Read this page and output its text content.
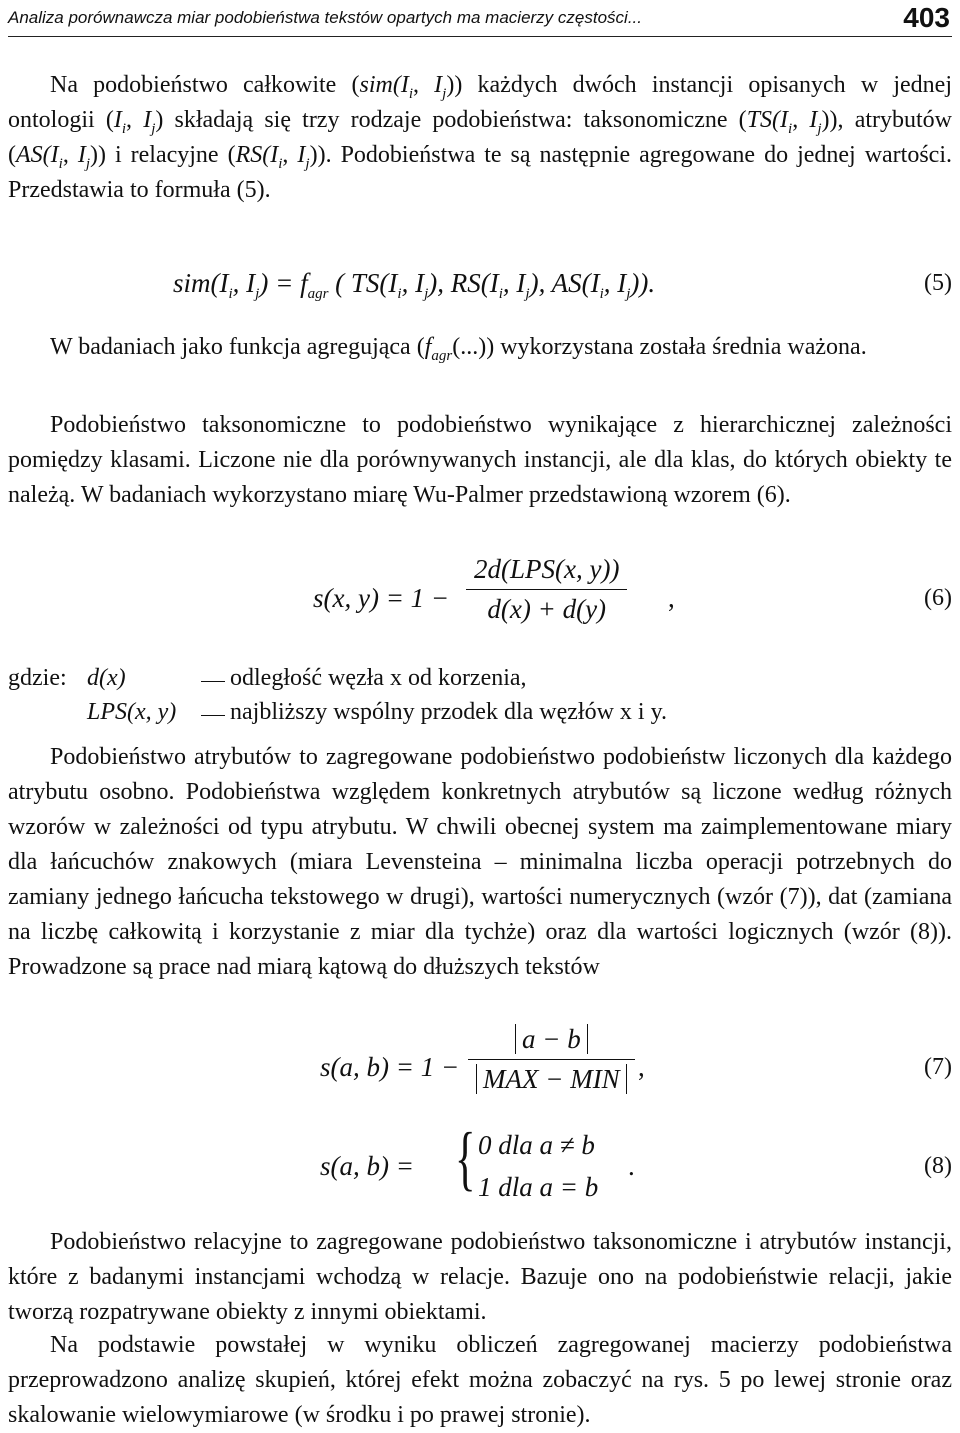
Analiza porównawcza miar podobieństwa tekstów opartych ma macierzy częstości...	403
Na podobieństwo całkowite ($sim(I_i$, $I_j$)) każdych dwóch instancji opisanych w jednej ontologii ($I_i$, $I_j$) składają się trzy rodzaje podobieństwa: taksonomiczne ($TS(I_i$, $I_j$)), atrybutów ($AS(I_i$, $I_j$)) i relacyjne ($RS(I_i$, $I_j$)). Podobieństwa te są następnie agregowane do jednej wartości. Przedstawia to formuła (5).
$sim(I_i$, $I_j) = f_{agr}$ ( $TS(I_i$, $I_j$), $RS(I_i$, $I_j$), $AS(I_i$, $I_j$)).	(5)
W badaniach jako funkcja agregująca $(f_{agr}(...))$ wykorzystana została średnia ważona.
Podobieństwo taksonomiczne to podobieństwo wynikające z hierarchicznej zależności pomiędzy klasami. Liczone nie dla porównywanych instancji, ale dla klas, do których obiekty te należą. W badaniach wykorzystano miarę Wu-Palmer przedstawioną wzorem (6).
s(x, y) = 1 −
2d(LPS(x, y))
d(x) + d(y)	,	(6)
gdzie: d(x)	odległość węzła x od korzenia,
LPS(x, y) najbliższy wspólny przodek dla węzłów x i y.
Podobieństwo atrybutów to zagregowane podobieństwo podobieństw liczonych dla każdego atrybutu osobno. Podobieństwa względem konkretnych atrybutów są liczone według różnych wzorów w zależności od typu atrybutu. W chwili obecnej system ma zaimplementowane miary dla łańcuchów znakowych (miara Levensteina – minimalna liczba operacji potrzebnych do zamiany jednego łańcucha tekstowego w drugi), wartości numerycznych (wzór (7)), dat (zamiana na liczbę całkowitą i korzystanie z miar dla tychże) oraz dla wartości logicznych (wzór (8)). Prowadzone są prace nad miarą kątową do dłuższych tekstów
s(a, b) = 1 −
a − b
MAX − MIN ,	(7)
s(a, b) = { 0 dla a ≠ b
1 dla a = b
.	(8)
Podobieństwo relacyjne to zagregowane podobieństwo taksonomiczne i atrybutów instancji, które z badanymi instancjami wchodzą w relacje. Bazuje ono na podobieństwie relacji, jakie tworzą rozpatrywane obiekty z innymi obiektami.
Na podstawie powstałej w wyniku obliczeń zagregowanej macierzy podobieństwa przeprowadzono analizę skupień, której efekt można zobaczyć na rys. 5 po lewej stronie oraz skalowanie wielowymiarowe (w środku i po prawej stronie).
